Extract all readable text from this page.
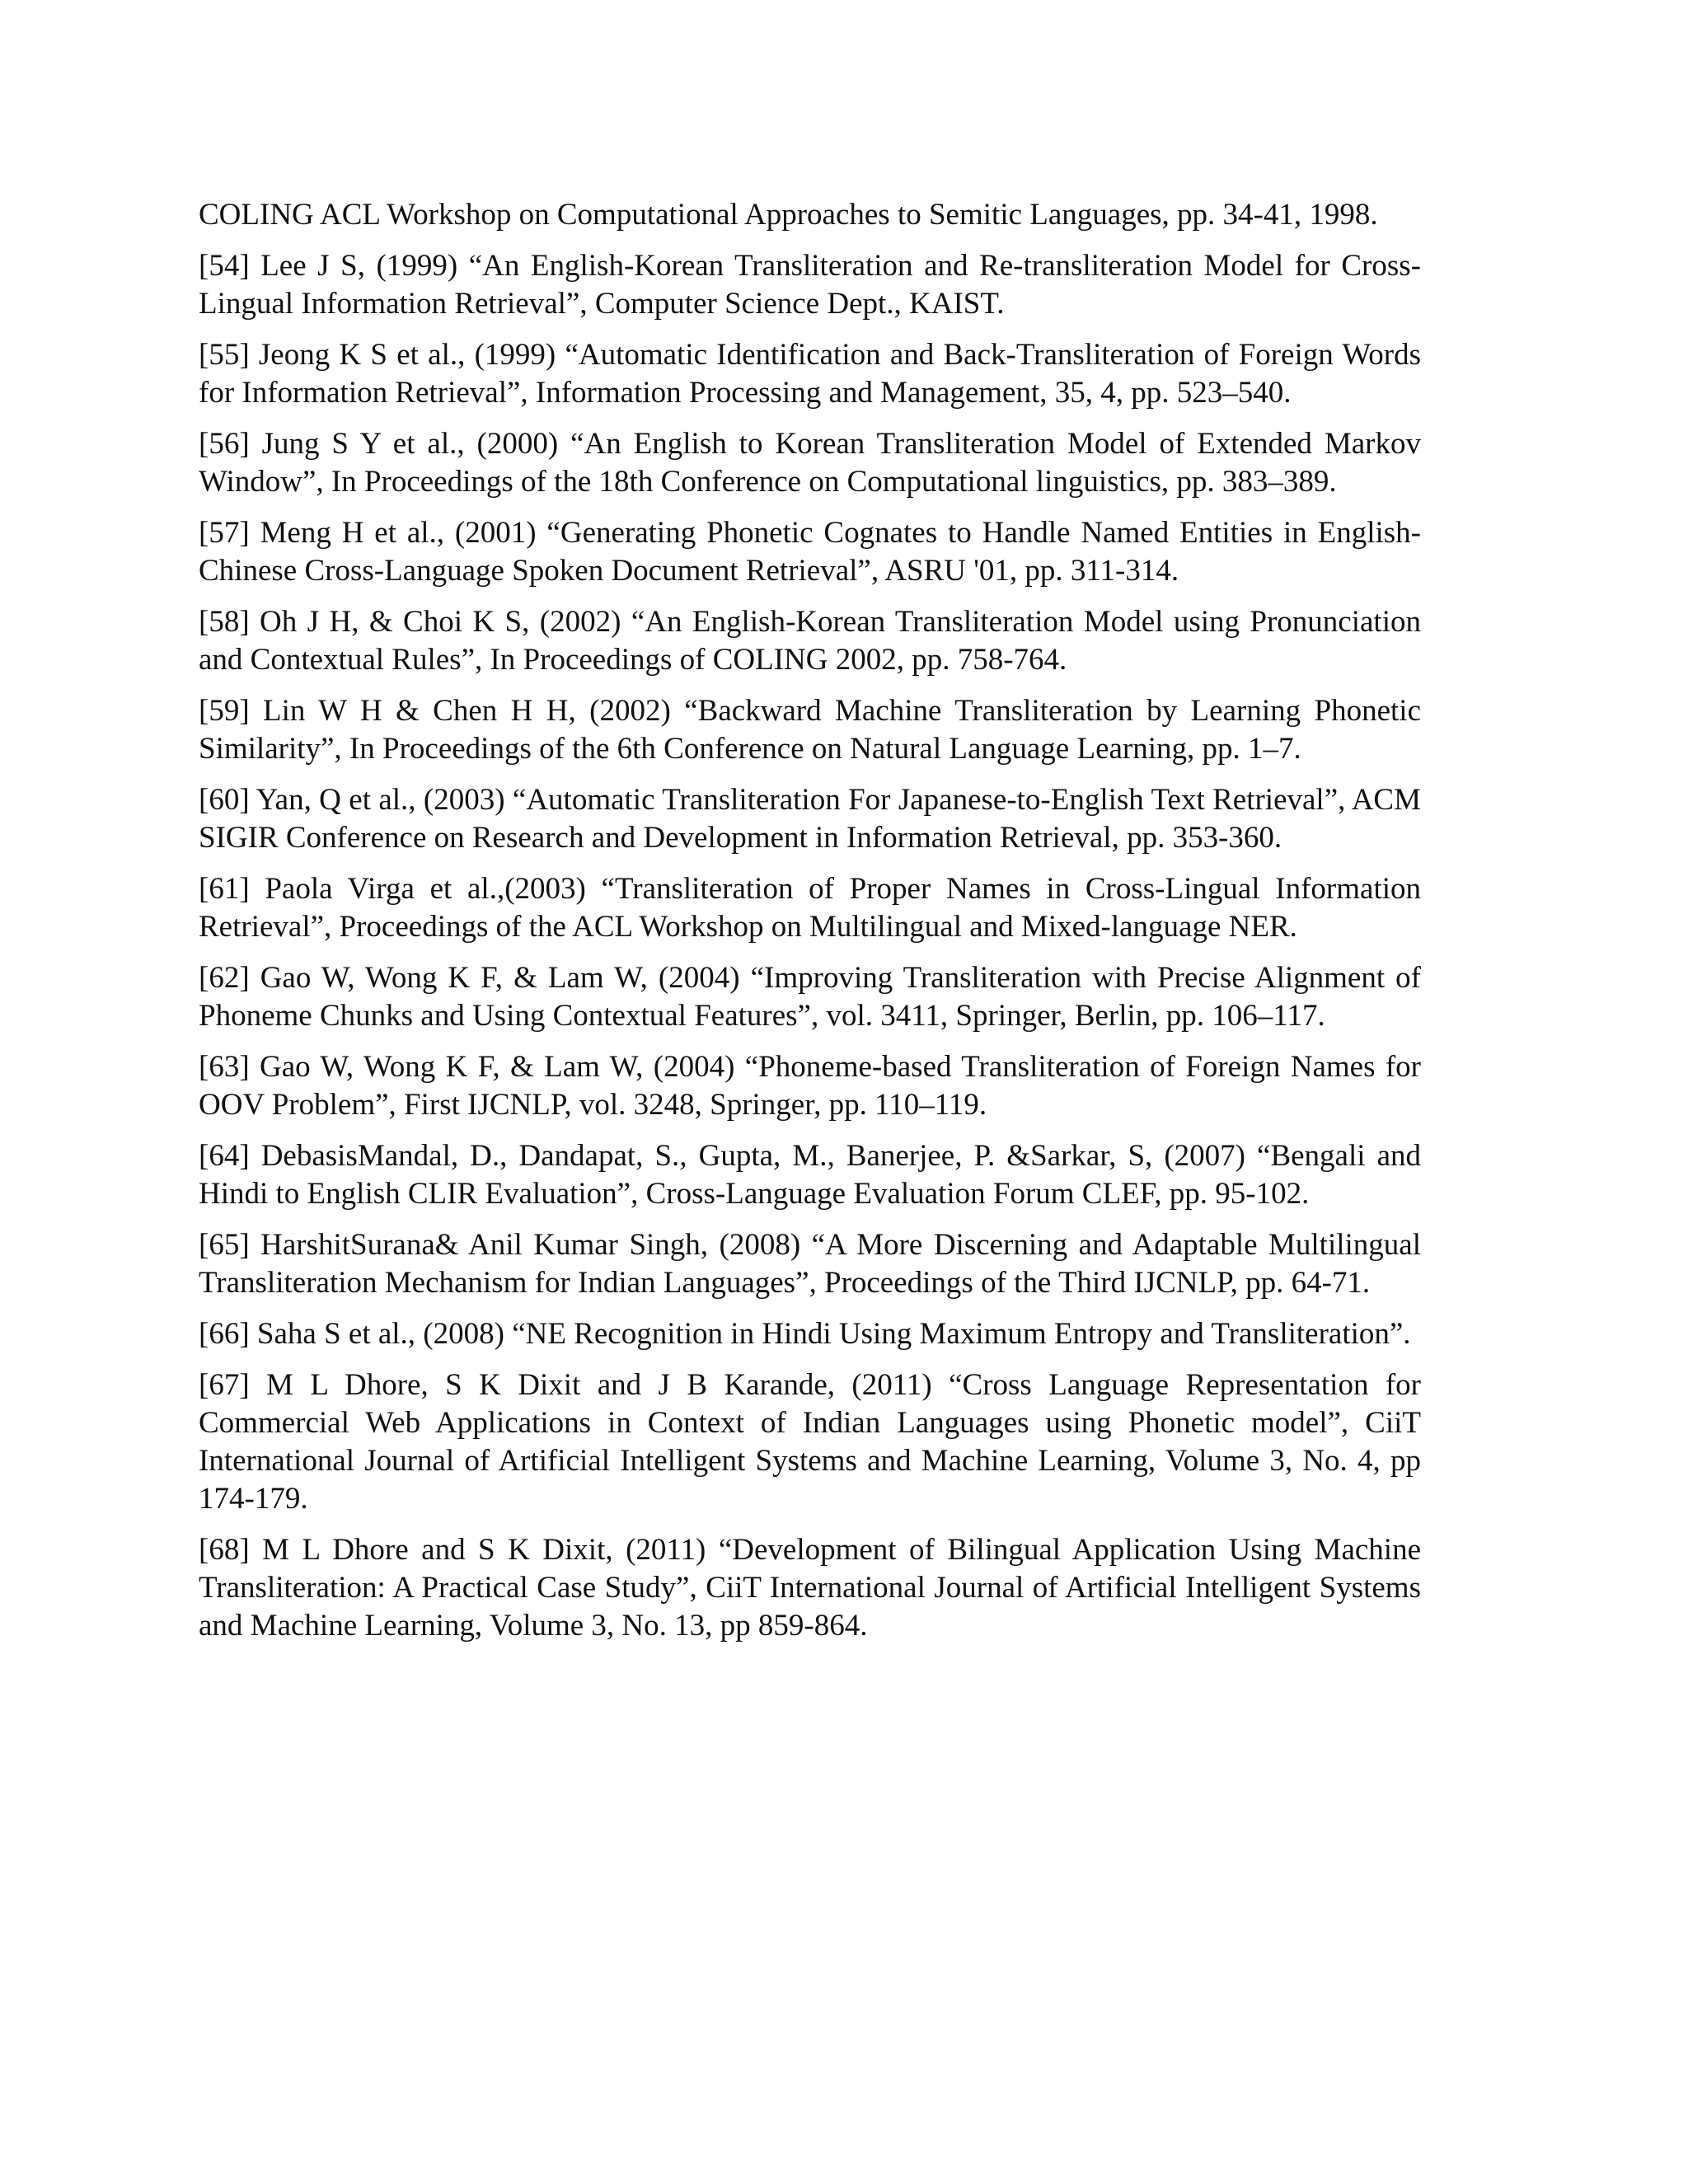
COLING ACL Workshop on Computational Approaches to Semitic Languages, pp. 34-41, 1998.

[54] Lee J S, (1999) “An English-Korean Transliteration and Re-transliteration Model for Cross-Lingual Information Retrieval”, Computer Science Dept., KAIST.

[55] Jeong K S et al., (1999) “Automatic Identification and Back-Transliteration of Foreign Words for Information Retrieval”, Information Processing and Management, 35, 4, pp. 523–540.

[56] Jung S Y et al., (2000) “An English to Korean Transliteration Model of Extended Markov Window”, In Proceedings of the 18th Conference on Computational linguistics, pp. 383–389.

[57] Meng H et al., (2001) “Generating Phonetic Cognates to Handle Named Entities in English-Chinese Cross-Language Spoken Document Retrieval”, ASRU '01, pp. 311-314.

[58] Oh J H, & Choi K S, (2002) “An English-Korean Transliteration Model using Pronunciation and Contextual Rules”, In Proceedings of COLING 2002, pp. 758-764.

[59] Lin W H & Chen H H, (2002) “Backward Machine Transliteration by Learning Phonetic Similarity”, In Proceedings of the 6th Conference on Natural Language Learning, pp. 1–7.

[60] Yan, Q et al., (2003) “Automatic Transliteration For Japanese-to-English Text Retrieval”, ACM SIGIR Conference on Research and Development in Information Retrieval, pp. 353-360.

[61] Paola Virga et al.,(2003) “Transliteration of Proper Names in Cross-Lingual Information Retrieval”, Proceedings of the ACL Workshop on Multilingual and Mixed-language NER.

[62] Gao W, Wong K F, & Lam W, (2004) “Improving Transliteration with Precise Alignment of Phoneme Chunks and Using Contextual Features”, vol. 3411, Springer, Berlin, pp. 106–117.

[63] Gao W, Wong K F, & Lam W, (2004) “Phoneme-based Transliteration of Foreign Names for OOV Problem”, First IJCNLP, vol. 3248, Springer, pp. 110–119.

[64] DebasisMandal, D., Dandapat, S., Gupta, M., Banerjee, P. &Sarkar, S, (2007) “Bengali and Hindi to English CLIR Evaluation”, Cross-Language Evaluation Forum CLEF, pp. 95-102.

[65] HarshitSurana& Anil Kumar Singh, (2008) “A More Discerning and Adaptable Multilingual Transliteration Mechanism for Indian Languages”, Proceedings of the Third IJCNLP, pp. 64-71.

[66] Saha S et al., (2008) “NE Recognition in Hindi Using Maximum Entropy and Transliteration”.

[67] M L Dhore, S K Dixit and J B Karande, (2011) “Cross Language Representation for Commercial Web Applications in Context of Indian Languages using Phonetic model”, CiiT International Journal of Artificial Intelligent Systems and Machine Learning, Volume 3, No. 4, pp 174-179.

[68] M L Dhore and S K Dixit, (2011) “Development of Bilingual Application Using Machine Transliteration: A Practical Case Study”, CiiT International Journal of Artificial Intelligent Systems and Machine Learning, Volume 3, No. 13, pp 859-864.
